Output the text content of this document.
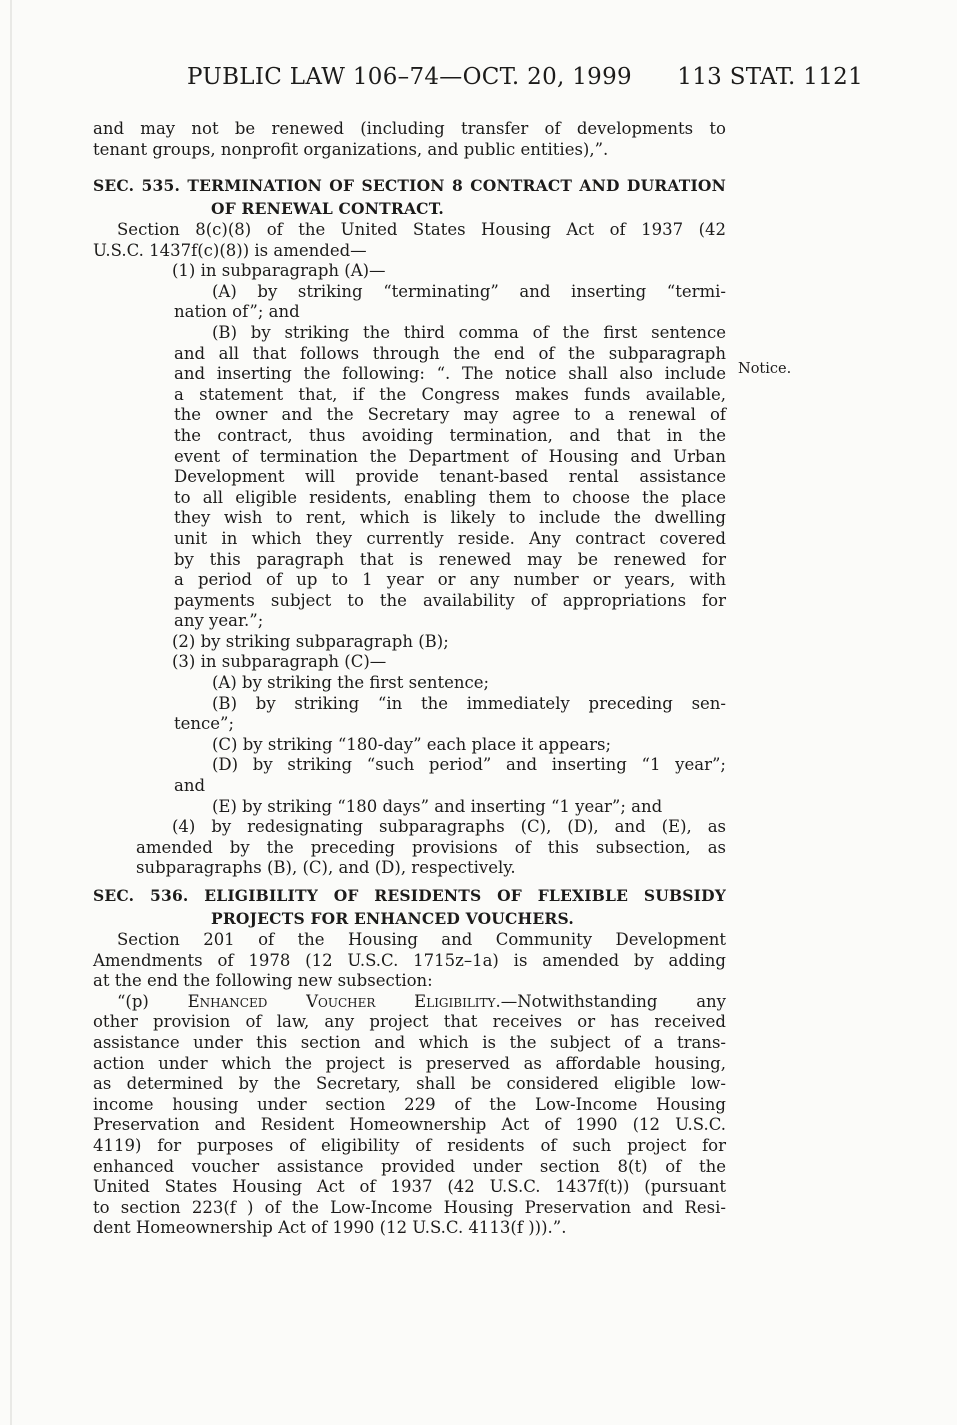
PUBLIC LAW 106–74—OCT. 20, 1999	113 STAT. 1121
Notice.
and may not be renewed (including transfer of developments to
tenant groups, nonprofit organizations, and public entities),”.
SEC. 535. TERMINATION OF SECTION 8 CONTRACT AND DURATION
OF RENEWAL CONTRACT.
Section 8(c)(8) of the United States Housing Act of 1937 (42
U.S.C. 1437f(c)(8)) is amended—
(1) in subparagraph (A)—
(A) by striking “terminating” and inserting “termi-
nation of”; and
(B) by striking the third comma of the first sentence
and all that follows through the end of the subparagraph
and inserting the following: “. The notice shall also include
a statement that, if the Congress makes funds available,
the owner and the Secretary may agree to a renewal of
the contract, thus avoiding termination, and that in the
event of termination the Department of Housing and Urban
Development will provide tenant-based rental assistance
to all eligible residents, enabling them to choose the place
they wish to rent, which is likely to include the dwelling
unit in which they currently reside. Any contract covered
by this paragraph that is renewed may be renewed for
a period of up to 1 year or any number or years, with
payments subject to the availability of appropriations for
any year.”;
(2) by striking subparagraph (B);
(3) in subparagraph (C)—
(A) by striking the first sentence;
(B) by striking “in the immediately preceding sen-
tence”;
(C) by striking “180-day” each place it appears;
(D) by striking “such period” and inserting “1 year”;
and
(E) by striking “180 days” and inserting “1 year”; and
(4) by redesignating subparagraphs (C), (D), and (E), as
amended by the preceding provisions of this subsection, as
subparagraphs (B), (C), and (D), respectively.
SEC. 536. ELIGIBILITY OF RESIDENTS OF FLEXIBLE SUBSIDY
PROJECTS FOR ENHANCED VOUCHERS.
Section 201 of the Housing and Community Development
Amendments of 1978 (12 U.S.C. 1715z–1a) is amended by adding
at the end the following new subsection:
“(p) Enhanced Voucher Eligibility.—Notwithstanding any
other provision of law, any project that receives or has received
assistance under this section and which is the subject of a trans-
action under which the project is preserved as affordable housing,
as determined by the Secretary, shall be considered eligible low-
income housing under section 229 of the Low-Income Housing
Preservation and Resident Homeownership Act of 1990 (12 U.S.C.
4119) for purposes of eligibility of residents of such project for
enhanced voucher assistance provided under section 8(t) of the
United States Housing Act of 1937 (42 U.S.C. 1437f(t)) (pursuant
to section 223(f ) of the Low-Income Housing Preservation and Resi-
dent Homeownership Act of 1990 (12 U.S.C. 4113(f ))).”.
